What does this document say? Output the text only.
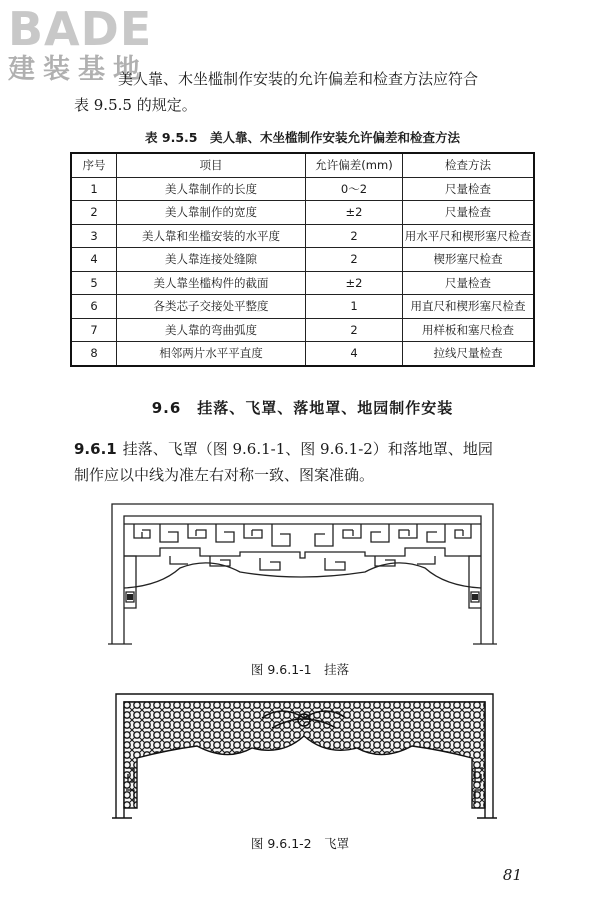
BADE
建装基地
美人靠、木坐槛制作安装的允许偏差和检查方法应符合
表 9.5.5 的规定。
表 9.5.5　美人靠、木坐槛制作安装允许偏差和检查方法
序号	项目	允许偏差(mm)	检查方法
1	美人靠制作的长度	0～2	尺量检查
2	美人靠制作的宽度	±2	尺量检查
3	美人靠和坐槛安装的水平度	2	用水平尺和楔形塞尺检查
4	美人靠连接处缝隙	2	楔形塞尺检查
5	美人靠坐槛构件的截面	±2	尺量检查
6	各类芯子交接处平整度	1	用直尺和楔形塞尺检查
7	美人靠的弯曲弧度	2	用样板和塞尺检查
8	相邻两片水平平直度	4	拉线尺量检查
9.6　挂落、飞罩、落地罩、地园制作安装
9.6.1 挂落、飞罩（图 9.6.1-1、图 9.6.1-2）和落地罩、地园
制作应以中线为准左右对称一致、图案准确。
图 9.6.1-1　挂落
图 9.6.1-2　飞罩
81
